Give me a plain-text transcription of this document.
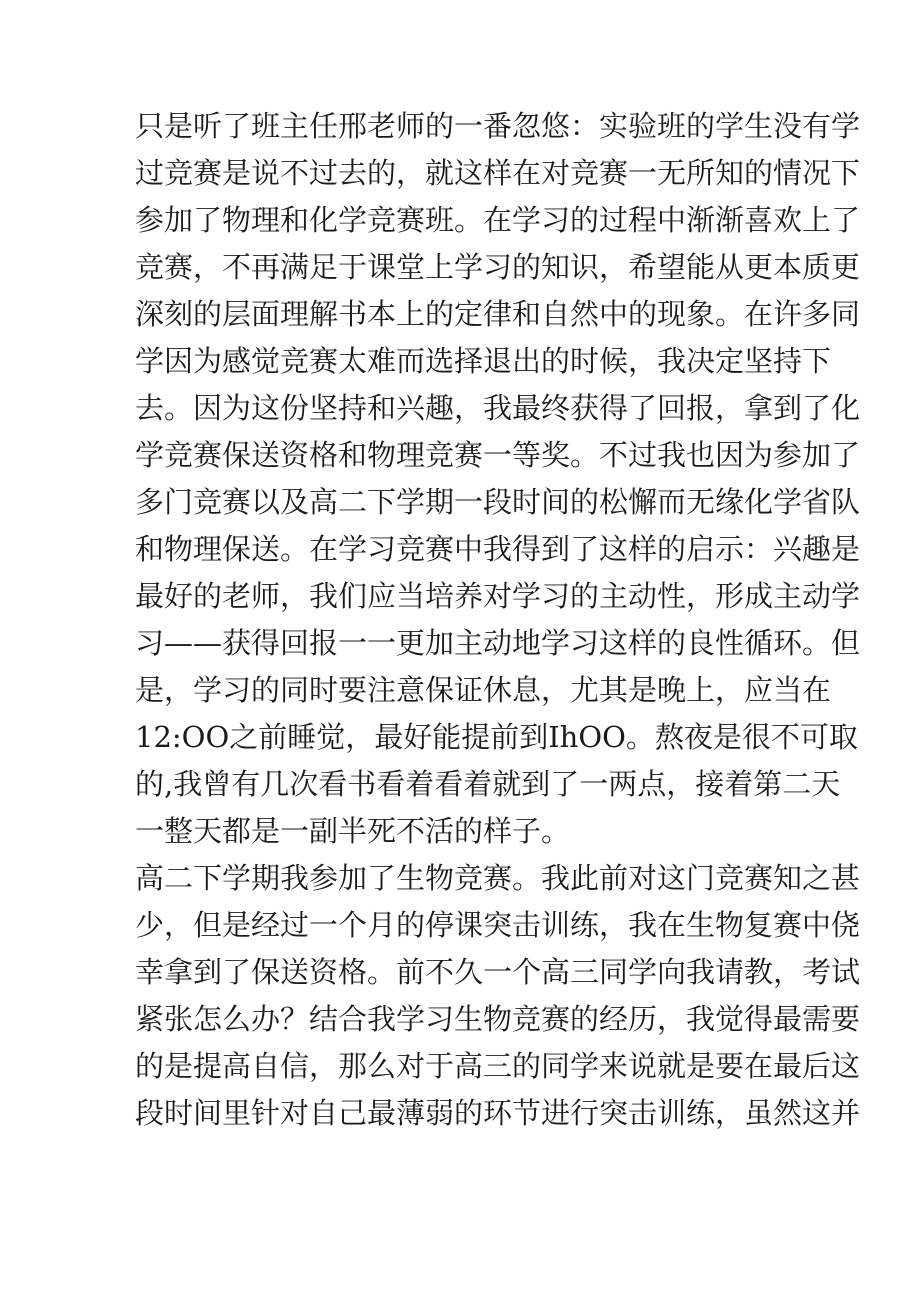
只是听了班主任邢老师的一番忽悠：实验班的学生没有学
过竞赛是说不过去的，就这样在对竞赛一无所知的情况下
参加了物理和化学竞赛班。在学习的过程中渐渐喜欢上了
竞赛，不再满足于课堂上学习的知识，希望能从更本质更
深刻的层面理解书本上的定律和自然中的现象。在许多同
学因为感觉竞赛太难而选择退出的时候，我决定坚持下
去。因为这份坚持和兴趣，我最终获得了回报，拿到了化
学竞赛保送资格和物理竞赛一等奖。不过我也因为参加了
多门竞赛以及高二下学期一段时间的松懈而无缘化学省队
和物理保送。在学习竞赛中我得到了这样的启示：兴趣是
最好的老师，我们应当培养对学习的主动性，形成主动学
习——获得回报一一更加主动地学习这样的良性循环。但
是，学习的同时要注意保证休息，尤其是晚上，应当在
12:OO之前睡觉，最好能提前到IhOO。熬夜是很不可取
的,我曾有几次看书看着看着就到了一两点，接着第二天
一整天都是一副半死不活的样子。
高二下学期我参加了生物竞赛。我此前对这门竞赛知之甚
少，但是经过一个月的停课突击训练，我在生物复赛中侥
幸拿到了保送资格。前不久一个高三同学向我请教，考试
紧张怎么办？结合我学习生物竞赛的经历，我觉得最需要
的是提高自信，那么对于高三的同学来说就是要在最后这
段时间里针对自己最薄弱的环节进行突击训练，虽然这并
